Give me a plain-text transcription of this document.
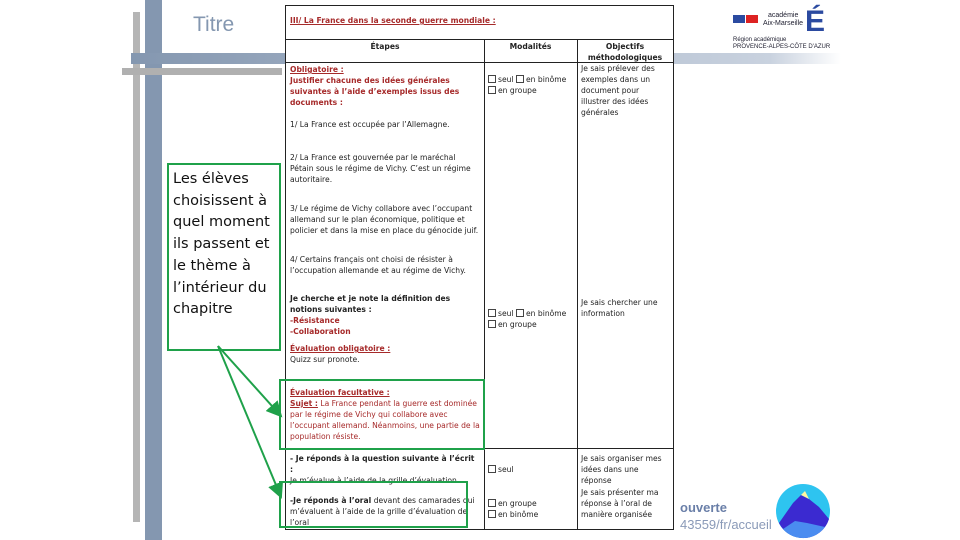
Titre
Les élèves choisissent à quel moment ils passent et le thème à l’intérieur du chapitre
III/ La France dans la seconde guerre mondiale :
Étapes	Modalités	Objectifs méthodologiques
Obligatoire :
Justifier chacune des idées générales suivantes à l’aide d’exemples issus des documents :
1/ La France est occupée par l’Allemagne.
2/ La France est gouvernée par le maréchal Pétain sous le régime de Vichy. C’est un régime autoritaire.
3/ Le régime de Vichy collabore avec l’occupant allemand sur le plan économique, politique et policier et dans la mise en place du génocide juif.
4/ Certains français ont choisi de résister à l’occupation allemande et au régime de Vichy.
Je cherche et je note la définition des notions suivantes :
-Résistance
-Collaboration
Évaluation obligatoire :
Quizz sur pronote.
seul en binôme
en groupe
Je sais prélever des exemples dans un document pour illustrer des idées générales
seul en binôme
en groupe
Je sais chercher une information
Évaluation facultative :
Sujet : La France pendant la guerre est dominée par le régime de Vichy qui collabore avec l’occupant allemand. Néanmoins, une partie de la population résiste.
- Je réponds à la question suivante à l’écrit :
Je m’évalue à l’aide de la grille d’évaluation
-Je réponds à l’oral devant des camarades qui m’évaluent à l’aide de la grille d’évaluation de l’oral
seul
en groupe
en binôme
Je sais organiser mes idées dans une réponse
Je sais présenter ma réponse à l’oral de manière organisée
académie
Aix-Marseille É
Région académique
PROVENCE-ALPES-CÔTE D'AZUR
ouverte
43559/fr/accueil
